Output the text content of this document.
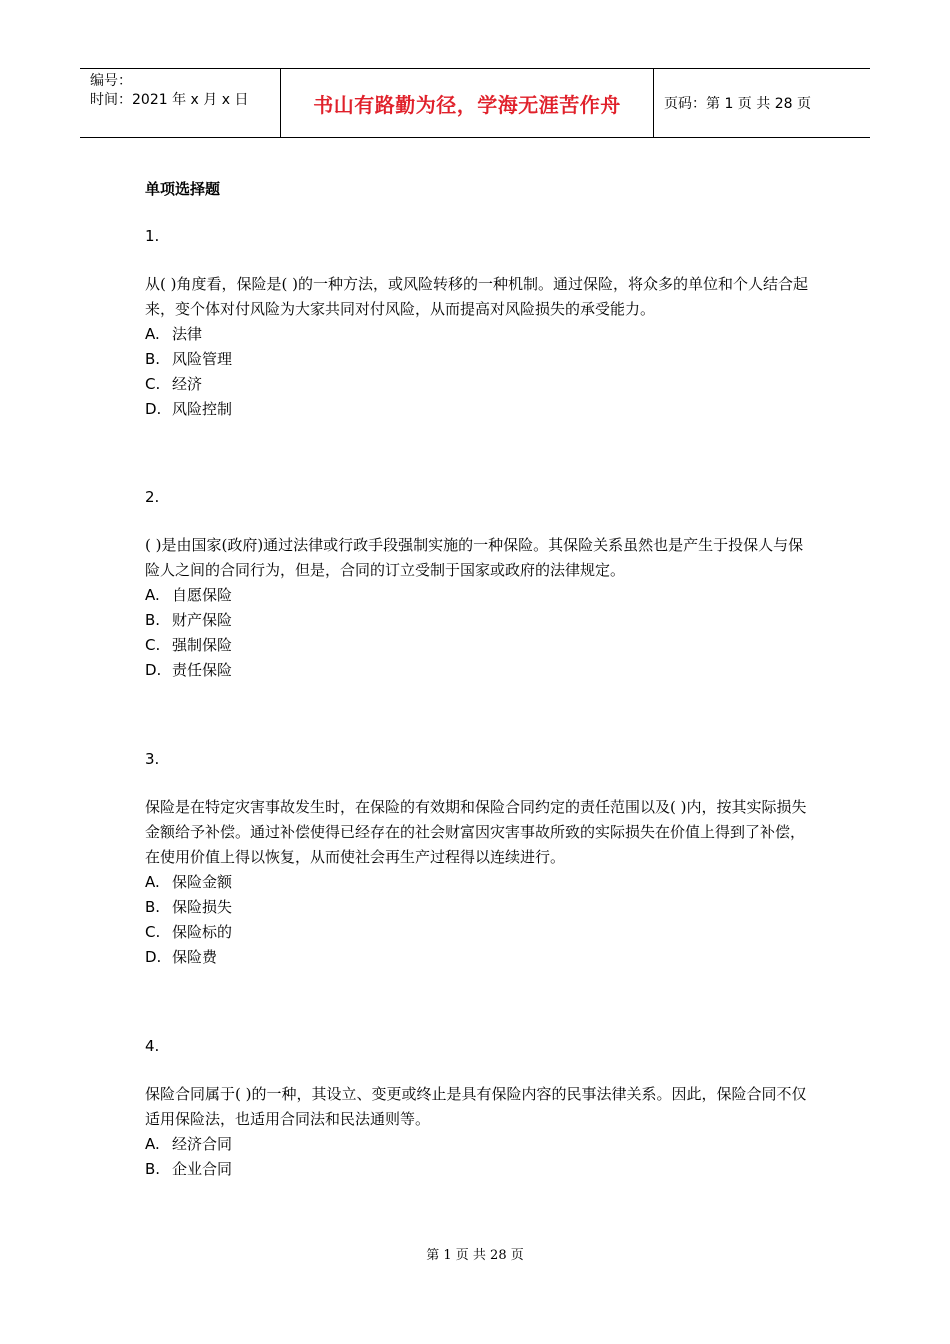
编号：
时间：2021 年 x 月 x 日	书山有路勤为径，学海无涯苦作舟	页码：第 1 页 共 28 页
单项选择题
1.
从( )角度看，保险是( )的一种方法，或风险转移的一种机制。通过保险，将众多的单位和个人结合起来，变个体对付风险为大家共同对付风险，从而提高对风险损失的承受能力。
A. 法律
B. 风险管理
C. 经济
D. 风险控制
2.
( )是由国家(政府)通过法律或行政手段强制实施的一种保险。其保险关系虽然也是产生于投保人与保险人之间的合同行为，但是，合同的订立受制于国家或政府的法律规定。
A. 自愿保险
B. 财产保险
C. 强制保险
D. 责任保险
3.
保险是在特定灾害事故发生时，在保险的有效期和保险合同约定的责任范围以及( )内，按其实际损失金额给予补偿。通过补偿使得已经存在的社会财富因灾害事故所致的实际损失在价值上得到了补偿，在使用价值上得以恢复，从而使社会再生产过程得以连续进行。
A. 保险金额
B. 保险损失
C. 保险标的
D. 保险费
4.
保险合同属于( )的一种，其设立、变更或终止是具有保险内容的民事法律关系。因此，保险合同不仅适用保险法，也适用合同法和民法通则等。
A. 经济合同
B. 企业合同
第 1 页 共 28 页
